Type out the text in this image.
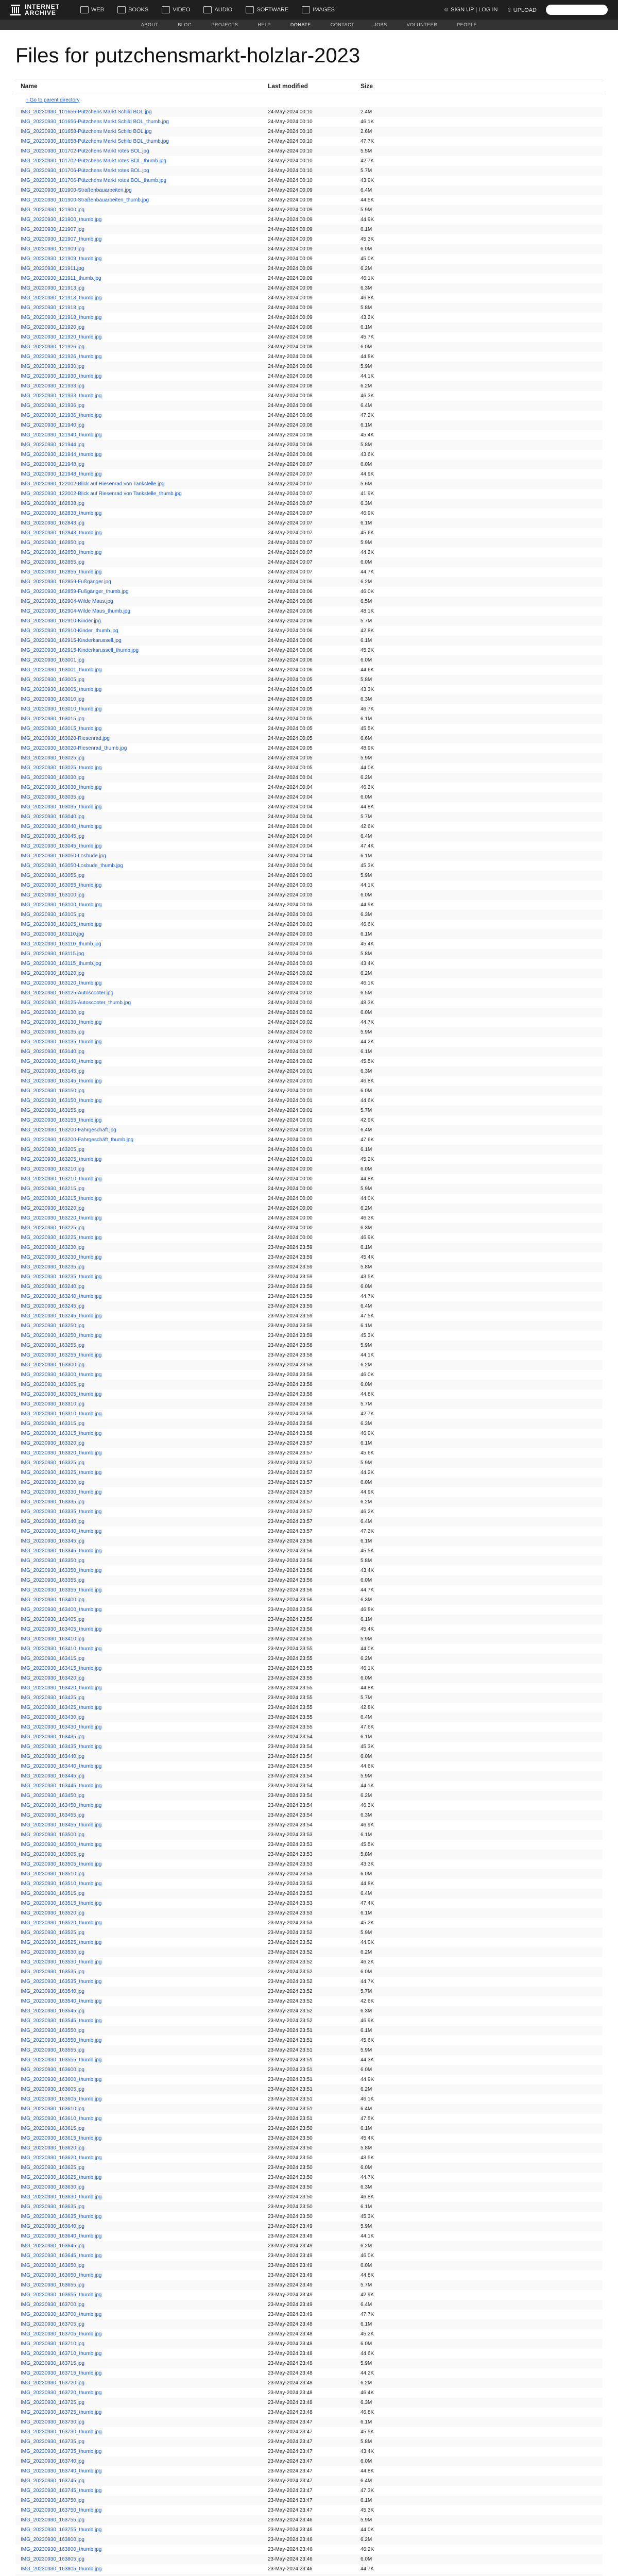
INTERNET
ARCHIVE	WEB	BOOKS	VIDEO	AUDIO	SOFTWARE	IMAGES	☺ SIGN UP | LOG IN ⇧ UPLOAD
ABOUT	BLOG	PROJECTS	HELP	DONATE	CONTACT	JOBS	VOLUNTEER	PEOPLE
Files for putzchensmarkt-holzlar-2023
Name	Last modified	Size

↑ Go to parent directory		

IMG_20230930_101656-Pützchens Markt Schild BOL.jpg	24-May-2024 00:10	2.4M
IMG_20230930_101656-Pützchens Markt Schild BOL_thumb.jpg	24-May-2024 00:10	46.1K
IMG_20230930_101658-Pützchens Markt Schild BOL.jpg	24-May-2024 00:10	2.6M
IMG_20230930_101658-Pützchens Markt Schild BOL_thumb.jpg	24-May-2024 00:10	47.7K
IMG_20230930_101702-Pützchens Markt rotes BOL.jpg	24-May-2024 00:10	5.5M
IMG_20230930_101702-Pützchens Markt rotes BOL_thumb.jpg	24-May-2024 00:10	42.7K
IMG_20230930_101706-Pützchens Markt rotes BOL.jpg	24-May-2024 00:10	5.7M
IMG_20230930_101706-Pützchens Markt rotes BOL_thumb.jpg	24-May-2024 00:10	43.9K
IMG_20230930_101900-Straßenbauarbeiten.jpg	24-May-2024 00:09	6.4M
IMG_20230930_101900-Straßenbauarbeiten_thumb.jpg	24-May-2024 00:09	44.5K
IMG_20230930_121900.jpg	24-May-2024 00:09	5.9M
IMG_20230930_121900_thumb.jpg	24-May-2024 00:09	44.9K
IMG_20230930_121907.jpg	24-May-2024 00:09	6.1M
IMG_20230930_121907_thumb.jpg	24-May-2024 00:09	45.3K
IMG_20230930_121909.jpg	24-May-2024 00:09	6.0M
IMG_20230930_121909_thumb.jpg	24-May-2024 00:09	45.0K
IMG_20230930_121911.jpg	24-May-2024 00:09	6.2M
IMG_20230930_121911_thumb.jpg	24-May-2024 00:09	46.1K
IMG_20230930_121913.jpg	24-May-2024 00:09	6.3M
IMG_20230930_121913_thumb.jpg	24-May-2024 00:09	46.8K
IMG_20230930_121918.jpg	24-May-2024 00:09	5.8M
IMG_20230930_121918_thumb.jpg	24-May-2024 00:09	43.2K
IMG_20230930_121920.jpg	24-May-2024 00:08	6.1M
IMG_20230930_121920_thumb.jpg	24-May-2024 00:08	45.7K
IMG_20230930_121926.jpg	24-May-2024 00:08	6.0M
IMG_20230930_121926_thumb.jpg	24-May-2024 00:08	44.8K
IMG_20230930_121930.jpg	24-May-2024 00:08	5.9M
IMG_20230930_121930_thumb.jpg	24-May-2024 00:08	44.1K
IMG_20230930_121933.jpg	24-May-2024 00:08	6.2M
IMG_20230930_121933_thumb.jpg	24-May-2024 00:08	46.3K
IMG_20230930_121936.jpg	24-May-2024 00:08	6.4M
IMG_20230930_121936_thumb.jpg	24-May-2024 00:08	47.2K
IMG_20230930_121940.jpg	24-May-2024 00:08	6.1M
IMG_20230930_121940_thumb.jpg	24-May-2024 00:08	45.4K
IMG_20230930_121944.jpg	24-May-2024 00:08	5.8M
IMG_20230930_121944_thumb.jpg	24-May-2024 00:08	43.6K
IMG_20230930_121948.jpg	24-May-2024 00:07	6.0M
IMG_20230930_121948_thumb.jpg	24-May-2024 00:07	44.9K
IMG_20230930_122002-Blick auf Riesenrad von Tankstelle.jpg	24-May-2024 00:07	5.6M
IMG_20230930_122002-Blick auf Riesenrad von Tankstelle_thumb.jpg	24-May-2024 00:07	41.9K
IMG_20230930_162838.jpg	24-May-2024 00:07	6.3M
IMG_20230930_162838_thumb.jpg	24-May-2024 00:07	46.9K
IMG_20230930_162843.jpg	24-May-2024 00:07	6.1M
IMG_20230930_162843_thumb.jpg	24-May-2024 00:07	45.6K
IMG_20230930_162850.jpg	24-May-2024 00:07	5.9M
IMG_20230930_162850_thumb.jpg	24-May-2024 00:07	44.2K
IMG_20230930_162855.jpg	24-May-2024 00:07	6.0M
IMG_20230930_162855_thumb.jpg	24-May-2024 00:07	44.7K
IMG_20230930_162859-Fußgänger.jpg	24-May-2024 00:06	6.2M
IMG_20230930_162859-Fußgänger_thumb.jpg	24-May-2024 00:06	46.0K
IMG_20230930_162904-Wilde Maus.jpg	24-May-2024 00:06	6.5M
IMG_20230930_162904-Wilde Maus_thumb.jpg	24-May-2024 00:06	48.1K
IMG_20230930_162910-Kinder.jpg	24-May-2024 00:06	5.7M
IMG_20230930_162910-Kinder_thumb.jpg	24-May-2024 00:06	42.8K
IMG_20230930_162915-Kinderkarussell.jpg	24-May-2024 00:06	6.1M
IMG_20230930_162915-Kinderkarussell_thumb.jpg	24-May-2024 00:06	45.2K
IMG_20230930_163001.jpg	24-May-2024 00:06	6.0M
IMG_20230930_163001_thumb.jpg	24-May-2024 00:06	44.6K
IMG_20230930_163005.jpg	24-May-2024 00:05	5.8M
IMG_20230930_163005_thumb.jpg	24-May-2024 00:05	43.3K
IMG_20230930_163010.jpg	24-May-2024 00:05	6.3M
IMG_20230930_163010_thumb.jpg	24-May-2024 00:05	46.7K
IMG_20230930_163015.jpg	24-May-2024 00:05	6.1M
IMG_20230930_163015_thumb.jpg	24-May-2024 00:05	45.5K
IMG_20230930_163020-Riesenrad.jpg	24-May-2024 00:05	6.6M
IMG_20230930_163020-Riesenrad_thumb.jpg	24-May-2024 00:05	48.9K
IMG_20230930_163025.jpg	24-May-2024 00:05	5.9M
IMG_20230930_163025_thumb.jpg	24-May-2024 00:05	44.0K
IMG_20230930_163030.jpg	24-May-2024 00:04	6.2M
IMG_20230930_163030_thumb.jpg	24-May-2024 00:04	46.2K
IMG_20230930_163035.jpg	24-May-2024 00:04	6.0M
IMG_20230930_163035_thumb.jpg	24-May-2024 00:04	44.8K
IMG_20230930_163040.jpg	24-May-2024 00:04	5.7M
IMG_20230930_163040_thumb.jpg	24-May-2024 00:04	42.6K
IMG_20230930_163045.jpg	24-May-2024 00:04	6.4M
IMG_20230930_163045_thumb.jpg	24-May-2024 00:04	47.4K
IMG_20230930_163050-Losbude.jpg	24-May-2024 00:04	6.1M
IMG_20230930_163050-Losbude_thumb.jpg	24-May-2024 00:04	45.3K
IMG_20230930_163055.jpg	24-May-2024 00:03	5.9M
IMG_20230930_163055_thumb.jpg	24-May-2024 00:03	44.1K
IMG_20230930_163100.jpg	24-May-2024 00:03	6.0M
IMG_20230930_163100_thumb.jpg	24-May-2024 00:03	44.9K
IMG_20230930_163105.jpg	24-May-2024 00:03	6.3M
IMG_20230930_163105_thumb.jpg	24-May-2024 00:03	46.6K
IMG_20230930_163110.jpg	24-May-2024 00:03	6.1M
IMG_20230930_163110_thumb.jpg	24-May-2024 00:03	45.4K
IMG_20230930_163115.jpg	24-May-2024 00:03	5.8M
IMG_20230930_163115_thumb.jpg	24-May-2024 00:03	43.4K
IMG_20230930_163120.jpg	24-May-2024 00:02	6.2M
IMG_20230930_163120_thumb.jpg	24-May-2024 00:02	46.1K
IMG_20230930_163125-Autoscooter.jpg	24-May-2024 00:02	6.5M
IMG_20230930_163125-Autoscooter_thumb.jpg	24-May-2024 00:02	48.3K
IMG_20230930_163130.jpg	24-May-2024 00:02	6.0M
IMG_20230930_163130_thumb.jpg	24-May-2024 00:02	44.7K
IMG_20230930_163135.jpg	24-May-2024 00:02	5.9M
IMG_20230930_163135_thumb.jpg	24-May-2024 00:02	44.2K
IMG_20230930_163140.jpg	24-May-2024 00:02	6.1M
IMG_20230930_163140_thumb.jpg	24-May-2024 00:02	45.5K
IMG_20230930_163145.jpg	24-May-2024 00:01	6.3M
IMG_20230930_163145_thumb.jpg	24-May-2024 00:01	46.8K
IMG_20230930_163150.jpg	24-May-2024 00:01	6.0M
IMG_20230930_163150_thumb.jpg	24-May-2024 00:01	44.6K
IMG_20230930_163155.jpg	24-May-2024 00:01	5.7M
IMG_20230930_163155_thumb.jpg	24-May-2024 00:01	42.9K
IMG_20230930_163200-Fahrgeschäft.jpg	24-May-2024 00:01	6.4M
IMG_20230930_163200-Fahrgeschäft_thumb.jpg	24-May-2024 00:01	47.6K
IMG_20230930_163205.jpg	24-May-2024 00:01	6.1M
IMG_20230930_163205_thumb.jpg	24-May-2024 00:01	45.2K
IMG_20230930_163210.jpg	24-May-2024 00:00	6.0M
IMG_20230930_163210_thumb.jpg	24-May-2024 00:00	44.8K
IMG_20230930_163215.jpg	24-May-2024 00:00	5.9M
IMG_20230930_163215_thumb.jpg	24-May-2024 00:00	44.0K
IMG_20230930_163220.jpg	24-May-2024 00:00	6.2M
IMG_20230930_163220_thumb.jpg	24-May-2024 00:00	46.3K
IMG_20230930_163225.jpg	24-May-2024 00:00	6.3M
IMG_20230930_163225_thumb.jpg	24-May-2024 00:00	46.9K
IMG_20230930_163230.jpg	23-May-2024 23:59	6.1M
IMG_20230930_163230_thumb.jpg	23-May-2024 23:59	45.4K
IMG_20230930_163235.jpg	23-May-2024 23:59	5.8M
IMG_20230930_163235_thumb.jpg	23-May-2024 23:59	43.5K
IMG_20230930_163240.jpg	23-May-2024 23:59	6.0M
IMG_20230930_163240_thumb.jpg	23-May-2024 23:59	44.7K
IMG_20230930_163245.jpg	23-May-2024 23:59	6.4M
IMG_20230930_163245_thumb.jpg	23-May-2024 23:59	47.5K
IMG_20230930_163250.jpg	23-May-2024 23:59	6.1M
IMG_20230930_163250_thumb.jpg	23-May-2024 23:59	45.3K
IMG_20230930_163255.jpg	23-May-2024 23:58	5.9M
IMG_20230930_163255_thumb.jpg	23-May-2024 23:58	44.1K
IMG_20230930_163300.jpg	23-May-2024 23:58	6.2M
IMG_20230930_163300_thumb.jpg	23-May-2024 23:58	46.0K
IMG_20230930_163305.jpg	23-May-2024 23:58	6.0M
IMG_20230930_163305_thumb.jpg	23-May-2024 23:58	44.8K
IMG_20230930_163310.jpg	23-May-2024 23:58	5.7M
IMG_20230930_163310_thumb.jpg	23-May-2024 23:58	42.7K
IMG_20230930_163315.jpg	23-May-2024 23:58	6.3M
IMG_20230930_163315_thumb.jpg	23-May-2024 23:58	46.9K
IMG_20230930_163320.jpg	23-May-2024 23:57	6.1M
IMG_20230930_163320_thumb.jpg	23-May-2024 23:57	45.6K
IMG_20230930_163325.jpg	23-May-2024 23:57	5.9M
IMG_20230930_163325_thumb.jpg	23-May-2024 23:57	44.2K
IMG_20230930_163330.jpg	23-May-2024 23:57	6.0M
IMG_20230930_163330_thumb.jpg	23-May-2024 23:57	44.9K
IMG_20230930_163335.jpg	23-May-2024 23:57	6.2M
IMG_20230930_163335_thumb.jpg	23-May-2024 23:57	46.2K
IMG_20230930_163340.jpg	23-May-2024 23:57	6.4M
IMG_20230930_163340_thumb.jpg	23-May-2024 23:57	47.3K
IMG_20230930_163345.jpg	23-May-2024 23:56	6.1M
IMG_20230930_163345_thumb.jpg	23-May-2024 23:56	45.5K
IMG_20230930_163350.jpg	23-May-2024 23:56	5.8M
IMG_20230930_163350_thumb.jpg	23-May-2024 23:56	43.4K
IMG_20230930_163355.jpg	23-May-2024 23:56	6.0M
IMG_20230930_163355_thumb.jpg	23-May-2024 23:56	44.7K
IMG_20230930_163400.jpg	23-May-2024 23:56	6.3M
IMG_20230930_163400_thumb.jpg	23-May-2024 23:56	46.8K
IMG_20230930_163405.jpg	23-May-2024 23:56	6.1M
IMG_20230930_163405_thumb.jpg	23-May-2024 23:56	45.4K
IMG_20230930_163410.jpg	23-May-2024 23:55	5.9M
IMG_20230930_163410_thumb.jpg	23-May-2024 23:55	44.0K
IMG_20230930_163415.jpg	23-May-2024 23:55	6.2M
IMG_20230930_163415_thumb.jpg	23-May-2024 23:55	46.1K
IMG_20230930_163420.jpg	23-May-2024 23:55	6.0M
IMG_20230930_163420_thumb.jpg	23-May-2024 23:55	44.8K
IMG_20230930_163425.jpg	23-May-2024 23:55	5.7M
IMG_20230930_163425_thumb.jpg	23-May-2024 23:55	42.8K
IMG_20230930_163430.jpg	23-May-2024 23:55	6.4M
IMG_20230930_163430_thumb.jpg	23-May-2024 23:55	47.6K
IMG_20230930_163435.jpg	23-May-2024 23:54	6.1M
IMG_20230930_163435_thumb.jpg	23-May-2024 23:54	45.3K
IMG_20230930_163440.jpg	23-May-2024 23:54	6.0M
IMG_20230930_163440_thumb.jpg	23-May-2024 23:54	44.6K
IMG_20230930_163445.jpg	23-May-2024 23:54	5.9M
IMG_20230930_163445_thumb.jpg	23-May-2024 23:54	44.1K
IMG_20230930_163450.jpg	23-May-2024 23:54	6.2M
IMG_20230930_163450_thumb.jpg	23-May-2024 23:54	46.3K
IMG_20230930_163455.jpg	23-May-2024 23:54	6.3M
IMG_20230930_163455_thumb.jpg	23-May-2024 23:54	46.9K
IMG_20230930_163500.jpg	23-May-2024 23:53	6.1M
IMG_20230930_163500_thumb.jpg	23-May-2024 23:53	45.5K
IMG_20230930_163505.jpg	23-May-2024 23:53	5.8M
IMG_20230930_163505_thumb.jpg	23-May-2024 23:53	43.3K
IMG_20230930_163510.jpg	23-May-2024 23:53	6.0M
IMG_20230930_163510_thumb.jpg	23-May-2024 23:53	44.8K
IMG_20230930_163515.jpg	23-May-2024 23:53	6.4M
IMG_20230930_163515_thumb.jpg	23-May-2024 23:53	47.4K
IMG_20230930_163520.jpg	23-May-2024 23:53	6.1M
IMG_20230930_163520_thumb.jpg	23-May-2024 23:53	45.2K
IMG_20230930_163525.jpg	23-May-2024 23:52	5.9M
IMG_20230930_163525_thumb.jpg	23-May-2024 23:52	44.0K
IMG_20230930_163530.jpg	23-May-2024 23:52	6.2M
IMG_20230930_163530_thumb.jpg	23-May-2024 23:52	46.2K
IMG_20230930_163535.jpg	23-May-2024 23:52	6.0M
IMG_20230930_163535_thumb.jpg	23-May-2024 23:52	44.7K
IMG_20230930_163540.jpg	23-May-2024 23:52	5.7M
IMG_20230930_163540_thumb.jpg	23-May-2024 23:52	42.6K
IMG_20230930_163545.jpg	23-May-2024 23:52	6.3M
IMG_20230930_163545_thumb.jpg	23-May-2024 23:52	46.9K
IMG_20230930_163550.jpg	23-May-2024 23:51	6.1M
IMG_20230930_163550_thumb.jpg	23-May-2024 23:51	45.6K
IMG_20230930_163555.jpg	23-May-2024 23:51	5.9M
IMG_20230930_163555_thumb.jpg	23-May-2024 23:51	44.3K
IMG_20230930_163600.jpg	23-May-2024 23:51	6.0M
IMG_20230930_163600_thumb.jpg	23-May-2024 23:51	44.9K
IMG_20230930_163605.jpg	23-May-2024 23:51	6.2M
IMG_20230930_163605_thumb.jpg	23-May-2024 23:51	46.1K
IMG_20230930_163610.jpg	23-May-2024 23:51	6.4M
IMG_20230930_163610_thumb.jpg	23-May-2024 23:51	47.5K
IMG_20230930_163615.jpg	23-May-2024 23:50	6.1M
IMG_20230930_163615_thumb.jpg	23-May-2024 23:50	45.4K
IMG_20230930_163620.jpg	23-May-2024 23:50	5.8M
IMG_20230930_163620_thumb.jpg	23-May-2024 23:50	43.5K
IMG_20230930_163625.jpg	23-May-2024 23:50	6.0M
IMG_20230930_163625_thumb.jpg	23-May-2024 23:50	44.7K
IMG_20230930_163630.jpg	23-May-2024 23:50	6.3M
IMG_20230930_163630_thumb.jpg	23-May-2024 23:50	46.8K
IMG_20230930_163635.jpg	23-May-2024 23:50	6.1M
IMG_20230930_163635_thumb.jpg	23-May-2024 23:50	45.3K
IMG_20230930_163640.jpg	23-May-2024 23:49	5.9M
IMG_20230930_163640_thumb.jpg	23-May-2024 23:49	44.1K
IMG_20230930_163645.jpg	23-May-2024 23:49	6.2M
IMG_20230930_163645_thumb.jpg	23-May-2024 23:49	46.0K
IMG_20230930_163650.jpg	23-May-2024 23:49	6.0M
IMG_20230930_163650_thumb.jpg	23-May-2024 23:49	44.8K
IMG_20230930_163655.jpg	23-May-2024 23:49	5.7M
IMG_20230930_163655_thumb.jpg	23-May-2024 23:49	42.9K
IMG_20230930_163700.jpg	23-May-2024 23:49	6.4M
IMG_20230930_163700_thumb.jpg	23-May-2024 23:49	47.7K
IMG_20230930_163705.jpg	23-May-2024 23:48	6.1M
IMG_20230930_163705_thumb.jpg	23-May-2024 23:48	45.2K
IMG_20230930_163710.jpg	23-May-2024 23:48	6.0M
IMG_20230930_163710_thumb.jpg	23-May-2024 23:48	44.6K
IMG_20230930_163715.jpg	23-May-2024 23:48	5.9M
IMG_20230930_163715_thumb.jpg	23-May-2024 23:48	44.2K
IMG_20230930_163720.jpg	23-May-2024 23:48	6.2M
IMG_20230930_163720_thumb.jpg	23-May-2024 23:48	46.4K
IMG_20230930_163725.jpg	23-May-2024 23:48	6.3M
IMG_20230930_163725_thumb.jpg	23-May-2024 23:48	46.8K
IMG_20230930_163730.jpg	23-May-2024 23:47	6.1M
IMG_20230930_163730_thumb.jpg	23-May-2024 23:47	45.5K
IMG_20230930_163735.jpg	23-May-2024 23:47	5.8M
IMG_20230930_163735_thumb.jpg	23-May-2024 23:47	43.4K
IMG_20230930_163740.jpg	23-May-2024 23:47	6.0M
IMG_20230930_163740_thumb.jpg	23-May-2024 23:47	44.8K
IMG_20230930_163745.jpg	23-May-2024 23:47	6.4M
IMG_20230930_163745_thumb.jpg	23-May-2024 23:47	47.3K
IMG_20230930_163750.jpg	23-May-2024 23:47	6.1M
IMG_20230930_163750_thumb.jpg	23-May-2024 23:47	45.3K
IMG_20230930_163755.jpg	23-May-2024 23:46	5.9M
IMG_20230930_163755_thumb.jpg	23-May-2024 23:46	44.0K
IMG_20230930_163800.jpg	23-May-2024 23:46	6.2M
IMG_20230930_163800_thumb.jpg	23-May-2024 23:46	46.2K
IMG_20230930_163805.jpg	23-May-2024 23:46	6.0M
IMG_20230930_163805_thumb.jpg	23-May-2024 23:46	44.7K
